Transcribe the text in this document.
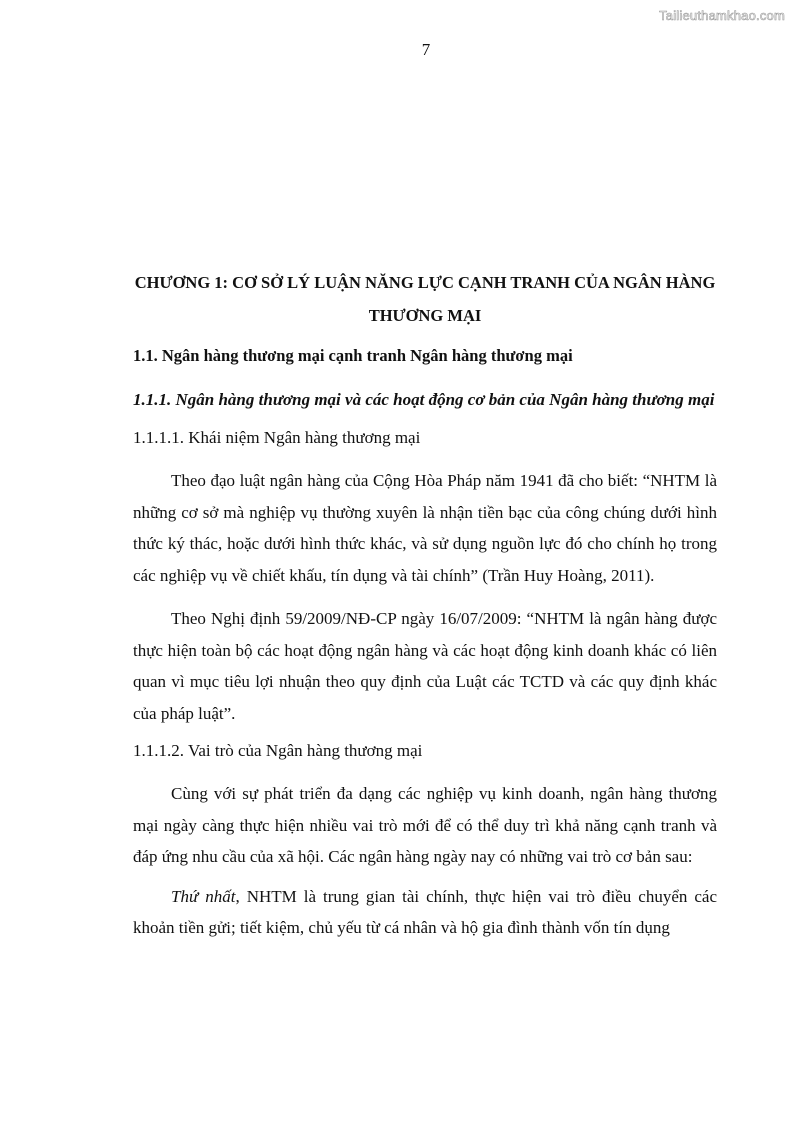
Tailieuthamkhao.com
7
CHƯƠNG 1: CƠ SỞ LÝ LUẬN NĂNG LỰC CẠNH TRANH CỦA NGÂN HÀNG THƯƠNG MẠI
1.1. Ngân hàng thương mại cạnh tranh Ngân hàng thương mại
1.1.1. Ngân hàng thương mại và các hoạt động cơ bản của Ngân hàng thương mại
1.1.1.1. Khái niệm Ngân hàng thương mại

Theo đạo luật ngân hàng của Cộng Hòa Pháp năm 1941 đã cho biết: “NHTM là những cơ sở mà nghiệp vụ thường xuyên là nhận tiền bạc của công chúng dưới hình thức ký thác, hoặc dưới hình thức khác, và sử dụng nguồn lực đó cho chính họ trong các nghiệp vụ về chiết khấu, tín dụng và tài chính” (Trần Huy Hoàng, 2011).

Theo Nghị định 59/2009/NĐ-CP ngày 16/07/2009: “NHTM là ngân hàng được thực hiện toàn bộ các hoạt động ngân hàng và các hoạt động kinh doanh khác có liên quan vì mục tiêu lợi nhuận theo quy định của Luật các TCTD và các quy định khác của pháp luật”.

1.1.1.2. Vai trò của Ngân hàng thương mại

Cùng với sự phát triển đa dạng các nghiệp vụ kinh doanh, ngân hàng thương mại ngày càng thực hiện nhiều vai trò mới để có thể duy trì khả năng cạnh tranh và đáp ứng nhu cầu của xã hội. Các ngân hàng ngày nay có những vai trò cơ bản sau:

Thứ nhất, NHTM là trung gian tài chính, thực hiện vai trò điều chuyển các khoản tiền gửi; tiết kiệm, chủ yếu từ cá nhân và hộ gia đình thành vốn tín dụng
